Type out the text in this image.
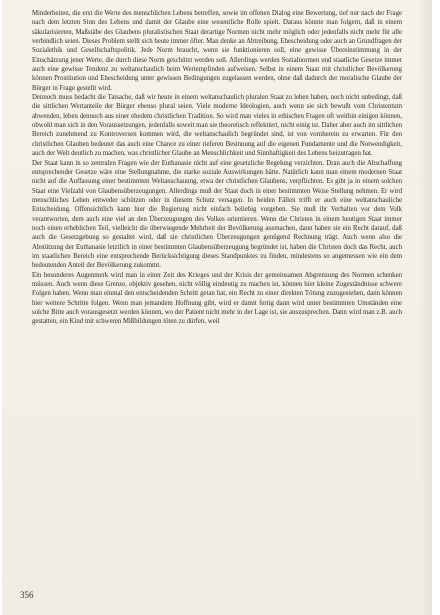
Minderheiten, die erst die Werte des menschlichen Lebens betreffen, sowie im offenen Dialog eine Bewertung, tief nur nach der Frage nach dem letzten Sinn des Lebens und damit der Glaube eine wesentliche Rolle spielt. Daraus könnte man folgern, daß in einem säkularisierten, Maßstäbe des Glaubens pluralistischen Staat derartige Normen nicht mehr möglich oder jedenfalls nicht mehr für alle verbindlich seien. Dieses Problem stellt sich heute immer öfter. Man denke an Abtreibung, Ehescheidung oder auch an Grundfragen der Sozialethik und Gesellschaftspolitik. Jede Norm braucht, wenn sie funktionieren soll, eine gewisse Übereinstimmung in der Einschätzung jener Werte, die durch diese Norm geschützt werden soll. Allerdings werden Sozialnormen und staatliche Gesetze immer auch eine gewisse Tendenz zu weltanschaulich beim Wertempfinden aufweisen. Selbst in einem Staat mit christlicher Bevölkerung können Prostitution und Ehescheidung unter gewissen Bedingungen zugelassen werden, ohne daß dadurch der moralische Glaube der Bürger in Frage gestellt wird.

Dennoch muss bedacht die Tatsache, daß wir heute in einem weltanschaulich pluralen Staat zu leben haben, noch nicht unbedingt, daß die sittlichen Wertanteile der Bürger ebenso plural seien. Viele moderne Ideologien, auch wenn sie sich bewußt vom Christentum abwenden, leben dennoch aus einer ehedem christlichen Tradition. So wird man vieles in ethischen Fragen oft weithin einigen können, obwohl man sich in den Voraussetzungen, jedenfalls soweit man sie theoretisch reflektiert, nicht einig ist. Daher aber auch im sittlichen Bereich zunehmend zu Kontroversen kommen wird, die weltanschaulich begründet sind, ist von vornherein zu erwarten. Für den christlichen Glauben bedeutet das auch eine Chance zu einer tieferen Besinnung auf die eigenen Fundamente und die Notwendigkeit, auch der Welt deutlich zu machen, was christlicher Glaube an Menschlichkeit und Sinnhaftigkeit des Lebens beizutragen hat.

Der Staat kann in so zentralen Fragen wie der Euthanasie nicht auf eine gesetzliche Regelung verzichten. Dran auch die Abschaffung entsprechender Gesetze wäre eine Stellungnahme, die starke soziale Auswirkungen hätte. Natürlich kann man einem modernen Staat nicht auf die Auffassung einer bestimmten Weltanschauung, etwa der christlichen Glaubens, verpflichten. Es gibt ja in einem solchen Staat eine Vielzahl von Glaubensüberzeugungen. Allerdings muß der Staat doch in einer bestimmten Weise Stellung nehmen. Er wird menschliches Leben entweder schützen oder in diesem Schutz versagen. In beiden Fällen trifft er auch eine weltanschauliche Entscheidung. Offensichtlich kann hier die Regierung nicht einfach beliebig vorgehen. Sie muß ihr Verhalten vor dem Volk verantworten, dem auch eine viel an den Überzeugungen des Volkes orientieren. Wenn die Christen in einem heutigen Staat immer noch einen erheblichen Teil, vielleicht die überwiegende Mehrheit der Bevölkerung ausmachen, dann haben sie ein Recht darauf, daß auch die Gesetzgebung so gestaltet wird, daß sie christlichen Überzeugungen genügend Rechnung trägt. Auch wenn also die Abstützung der Euthanasie letztlich in einer bestimmten Glaubensüberzeugung begründet ist, haben die Christen doch das Recht, auch im staatlichen Bereich eine entsprechende Berücksichtigung dieses Standpunktes zu finden, mindestens so angemessen wie ein dem bedeutenden Anteil der Bevölkerung zukommt.

Ein besonderes Augenmerk wird man in einer Zeit des Krieges und der Krisis der gemeinsamen Abgrenzung des Normen schenken müssen. Auch wenn diese Grenze, objektiv gesehen, nicht völlig eindeutig zu machen ist, können hier kleine Zugeständnisse schwere Folgen haben. Wenn man einmal den entscheidenden Schritt getan hat, ein Recht zu einer direkten Tötung zuzugestehen, dann können hier weitere Schritte folgen. Wenn man jemandem Hoffnung gibt, wird er damit fertig dann wird unter bestimmten Umständen eine solche Bitte auch vorausgesetzt werden können, wo der Patient nicht mehr in der Lage ist, sie auszusprechen. Dann wird man z.B. auch gestatten, ein Kind mit schweren Mißbildungen töten zu dürfen, weil

356
